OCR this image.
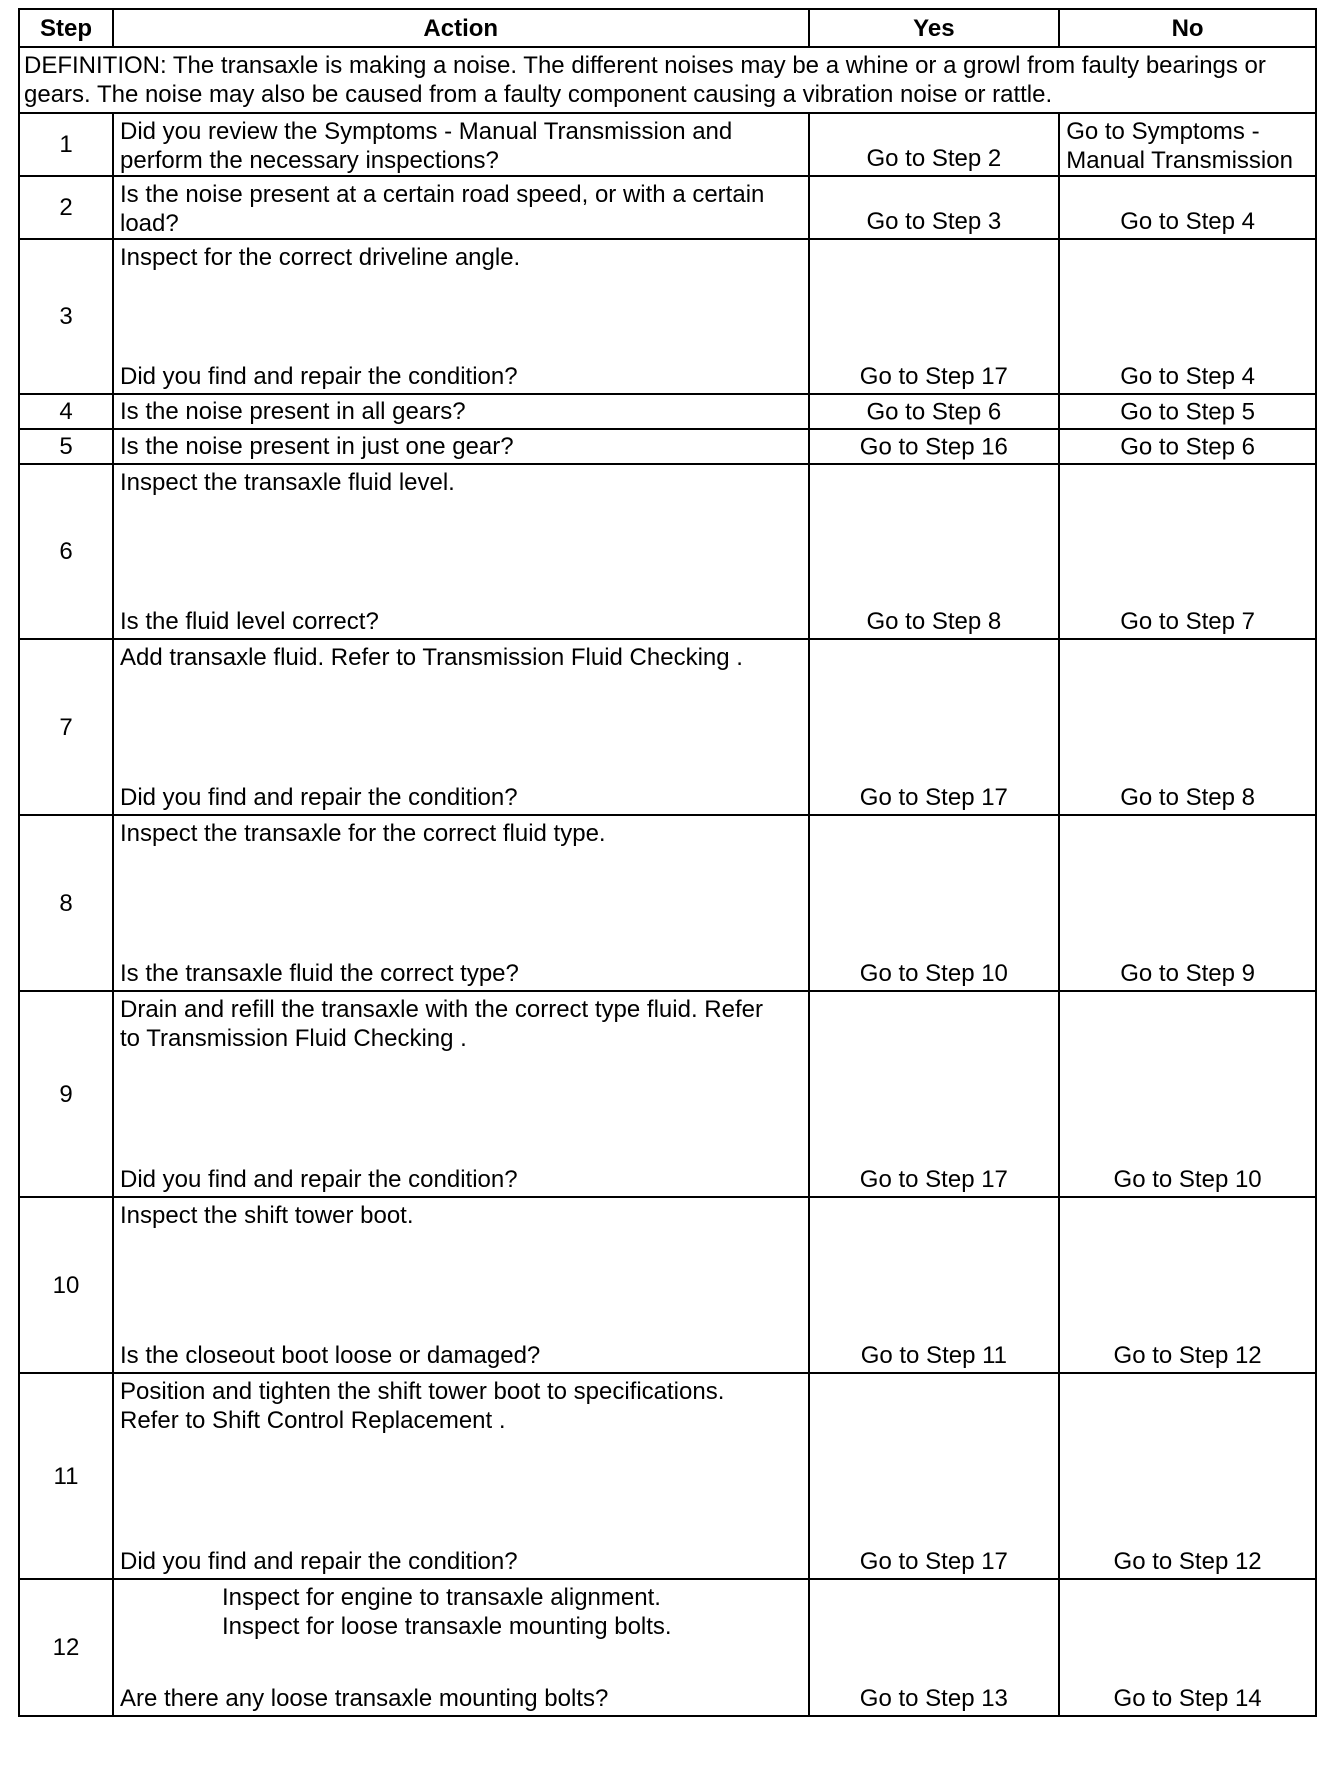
Step	Action	Yes	No
DEFINITION: The transaxle is making a noise. The different noises may be a whine or a growl from faulty bearings or gears. The noise may also be caused from a faulty component causing a vibration noise or rattle.			
1	Did you review the Symptoms - Manual Transmission and
perform the necessary inspections?	Go to Step 2	Go to Symptoms - Manual Transmission

2	Is the noise present at a certain road speed, or with a certain
load?	Go to Step 3	Go to Step 4

3	Inspect for the correct driveline angle.
Did you find and repair the condition?	Go to Step 17	Go to Step 4

4	Is the noise present in all gears?	Go to Step 6	Go to Step 5

5	Is the noise present in just one gear?	Go to Step 16	Go to Step 6

6	Inspect the transaxle fluid level.
Is the fluid level correct?	Go to Step 8	Go to Step 7

7	Add transaxle fluid. Refer to Transmission Fluid Checking .
Did you find and repair the condition?	Go to Step 17	Go to Step 8

8	Inspect the transaxle for the correct fluid type.
Is the transaxle fluid the correct type?	Go to Step 10	Go to Step 9

9	Drain and refill the transaxle with the correct type fluid. Refer
to Transmission Fluid Checking .
Did you find and repair the condition?	Go to Step 17	Go to Step 10

10	Inspect the shift tower boot.
Is the closeout boot loose or damaged?	Go to Step 11	Go to Step 12

11	Position and tighten the shift tower boot to specifications.
Refer to Shift Control Replacement .
Did you find and repair the condition?	Go to Step 17	Go to Step 12

12	Inspect for engine to transaxle alignment.
Inspect for loose transaxle mounting bolts.
Are there any loose transaxle mounting bolts?	Go to Step 13	Go to Step 14
